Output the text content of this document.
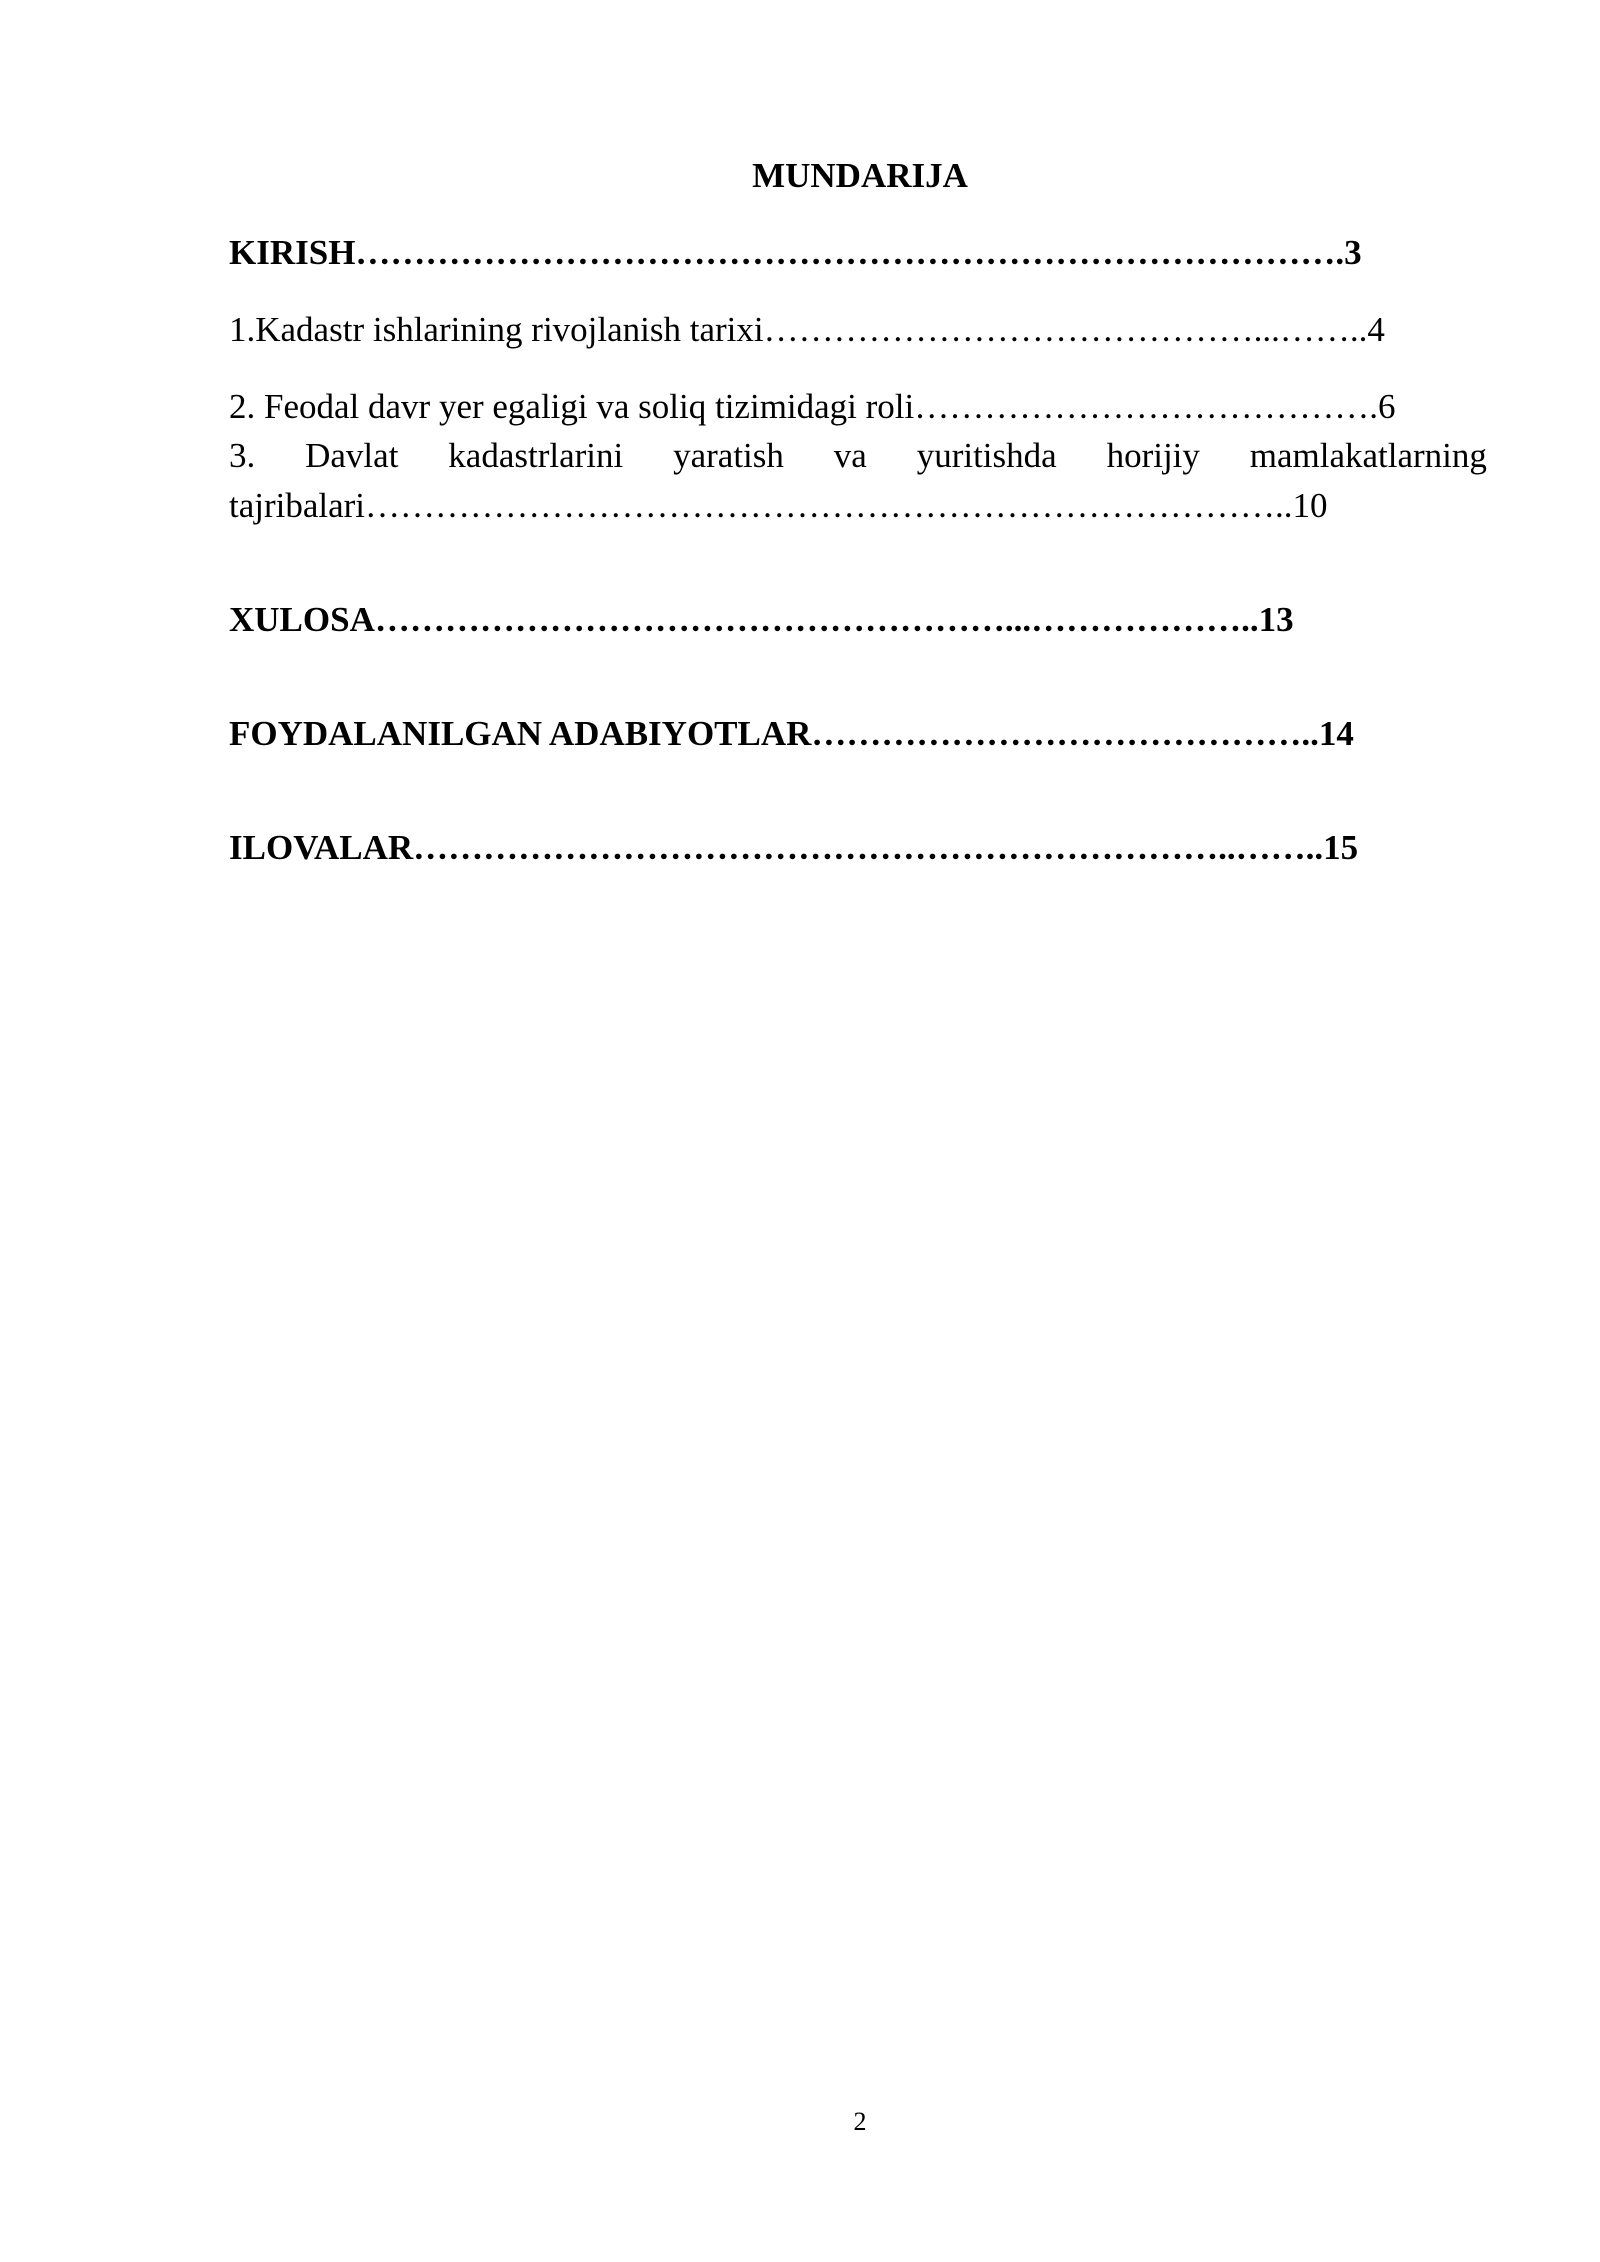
MUNDARIJA
KIRISH………………………………………………………………………….3
1.Kadastr ishlarining rivojlanish tarixi……………………………………...……..4
2. Feodal davr yer egaligi va soliq tizimidagi roli………………………………….6
3. Davlat kadastrlarini yaratish va yuritishda horijiy mamlakatlarning
tajribalari……………………………………………………………………..10
XULOSA………………………………………………...………………..13
FOYDALANILGAN ADABIYOTLAR……………………………………..14
ILOVALAR……………………………………………………………..……..15
2
